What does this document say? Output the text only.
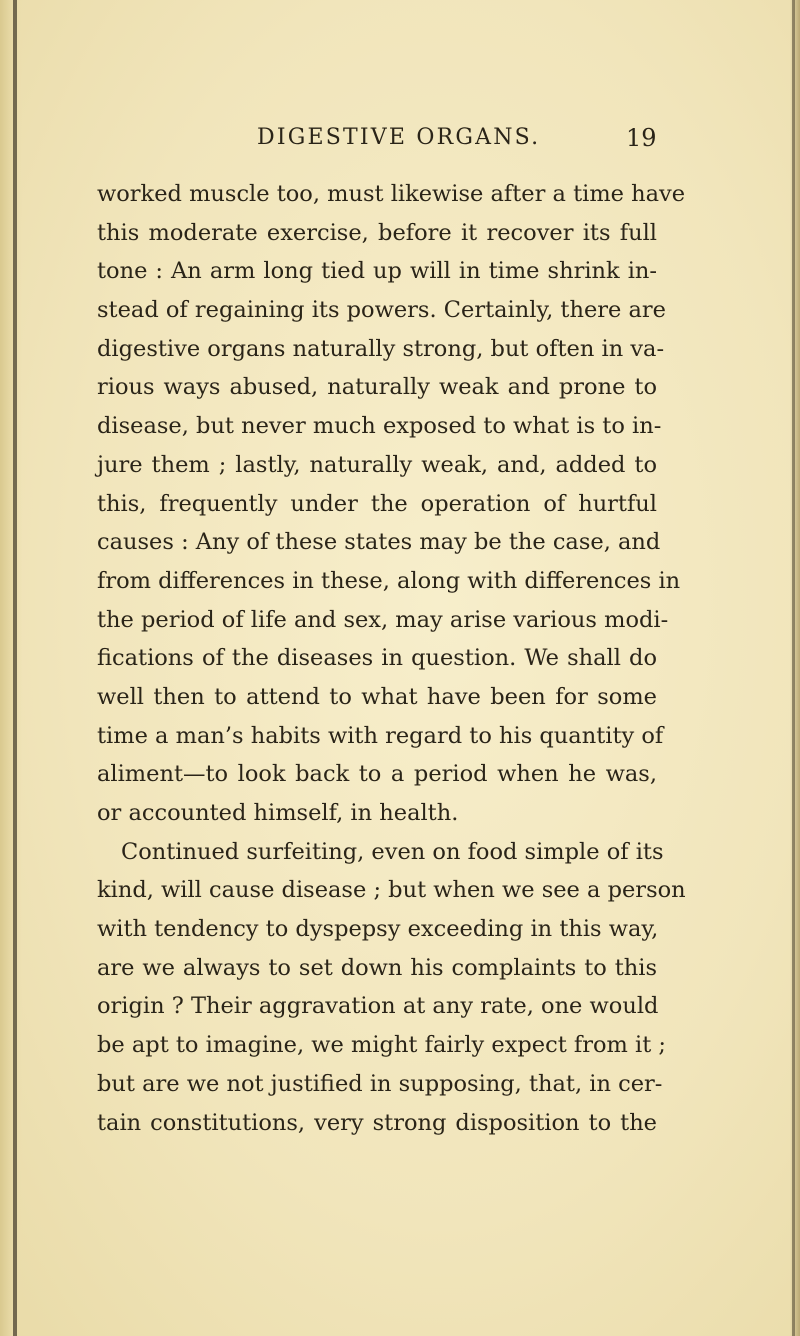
DIGESTIVE ORGANS.	19
worked muscle too, must likewise after a time have
this moderate exercise, before it recover its full
tone : An arm long tied up will in time shrink in-
stead of regaining its powers. Certainly, there are
digestive organs naturally strong, but often in va-
rious ways abused, naturally weak and prone to
disease, but never much exposed to what is to in-
jure them ; lastly, naturally weak, and, added to
this, frequently under the operation of hurtful
causes : Any of these states may be the case, and
from differences in these, along with differences in
the period of life and sex, may arise various modi-
fications of the diseases in question. We shall do
well then to attend to what have been for some
time a man’s habits with regard to his quantity of
aliment—to look back to a period when he was,
or accounted himself, in health.
Continued surfeiting, even on food simple of its
kind, will cause disease ; but when we see a person
with tendency to dyspepsy exceeding in this way,
are we always to set down his complaints to this
origin ? Their aggravation at any rate, one would
be apt to imagine, we might fairly expect from it ;
but are we not justified in supposing, that, in cer-
tain constitutions, very strong disposition to the
